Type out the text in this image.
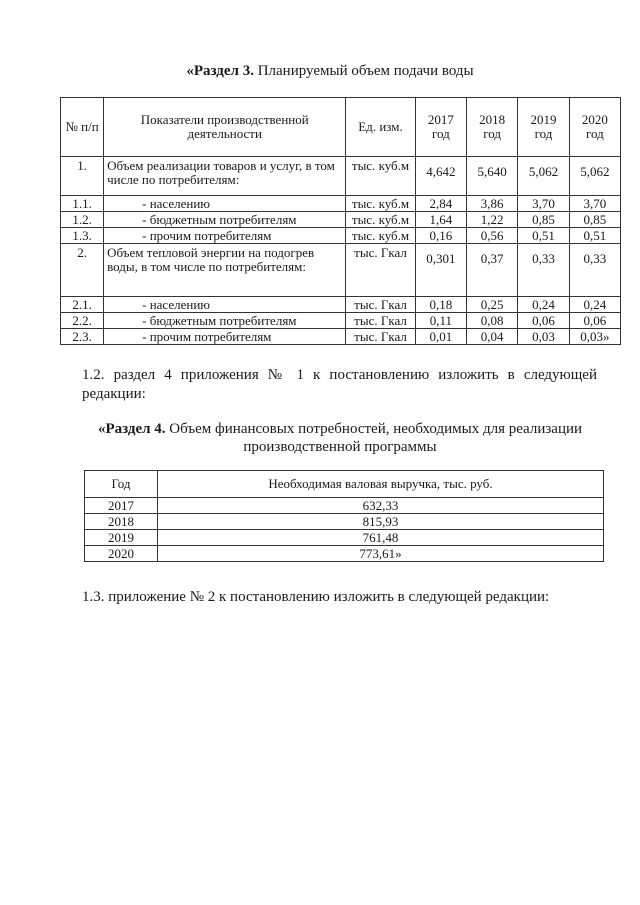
«Раздел 3. Планируемый объем подачи воды
№ п/п	Показатели производственной деятельности	Ед. изм.	2017 год	2018 год	2019 год	2020 год
1.	Объем реализации товаров и услуг, в том числе по потребителям:	тыс. куб.м	4,642	5,640	5,062	5,062
1.1.	- населению	тыс. куб.м	2,84	3,86	3,70	3,70
1.2.	- бюджетным потребителям	тыс. куб.м	1,64	1,22	0,85	0,85
1.3.	- прочим потребителям	тыс. куб.м	0,16	0,56	0,51	0,51
2.	Объем тепловой энергии на подогрев воды, в том числе по потребителям:	тыс. Гкал	0,301	0,37	0,33	0,33
2.1.	- населению	тыс. Гкал	0,18	0,25	0,24	0,24
2.2.	- бюджетным потребителям	тыс. Гкал	0,11	0,08	0,06	0,06
2.3.	- прочим потребителям	тыс. Гкал	0,01	0,04	0,03	0,03»
1.2. раздел 4 приложения № 1 к постановлению изложить в следующей редакции:
«Раздел 4. Объем финансовых потребностей, необходимых для реализации производственной программы
Год	Необходимая валовая выручка, тыс. руб.
2017	632,33
2018	815,93
2019	761,48
2020	773,61»
1.3. приложение № 2 к постановлению изложить в следующей редакции:
